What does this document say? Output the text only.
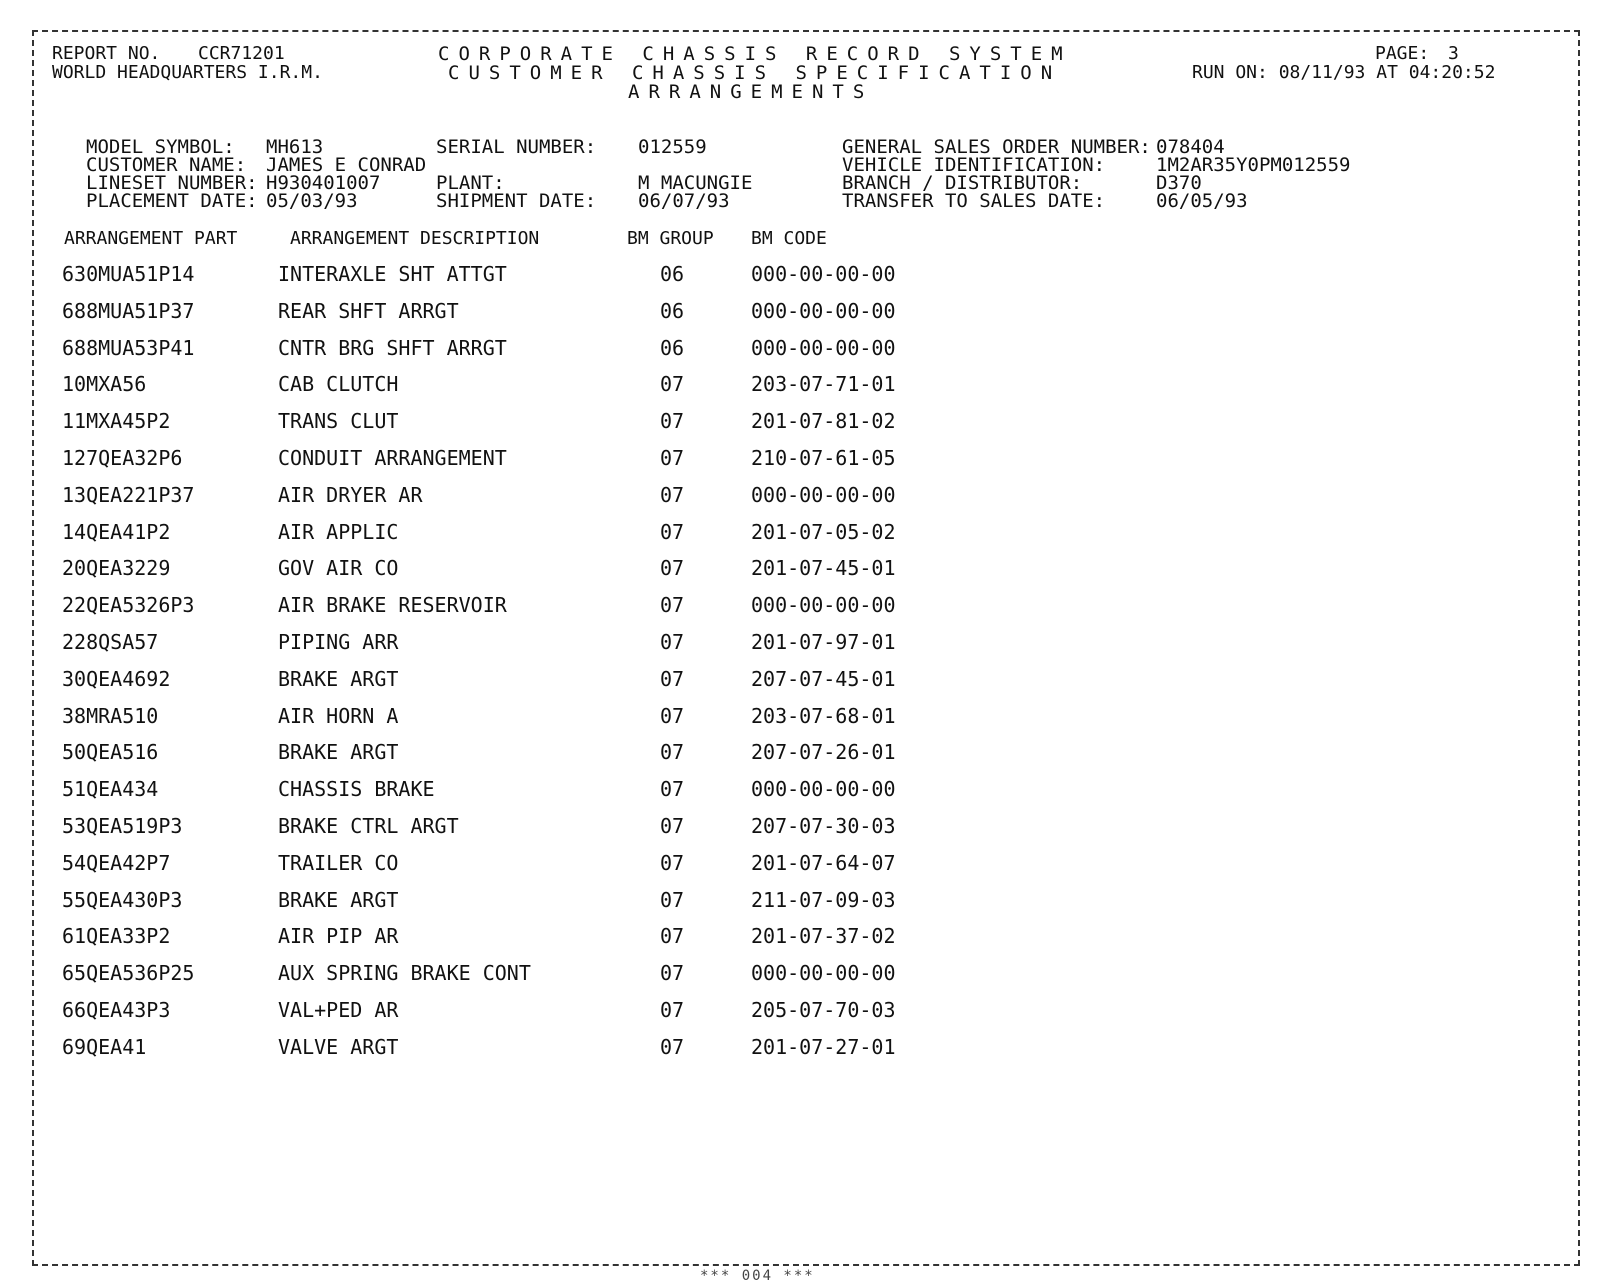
REPORT NO. CCR71201
WORLD HEADQUARTERS I.R.M.
CORPORATE CHASSIS RECORD SYSTEM
CUSTOMER CHASSIS SPECIFICATION
ARRANGEMENTS
PAGE: 3
RUN ON: 08/11/93 AT 04:20:52
MODEL SYMBOL: MH613
CUSTOMER NAME: JAMES E CONRAD
LINESET NUMBER: H930401007
PLACEMENT DATE: 05/03/93
SERIAL NUMBER: 012559
PLANT:	M MACUNGIE
SHIPMENT DATE: 06/07/93
GENERAL SALES ORDER NUMBER: 078404
VEHICLE IDENTIFICATION:	1M2AR35Y0PM012559
BRANCH / DISTRIBUTOR:	D370
TRANSFER TO SALES DATE:	06/05/93
ARRANGEMENT PART	ARRANGEMENT DESCRIPTION	BM GROUP BM CODE
630MUA51P14	INTERAXLE SHT ATTGT	06	000-00-00-00
688MUA51P37	REAR SHFT ARRGT	06	000-00-00-00
688MUA53P41	CNTR BRG SHFT ARRGT	06	000-00-00-00
10MXA56	CAB CLUTCH	07	203-07-71-01
11MXA45P2	TRANS CLUT	07	201-07-81-02
127QEA32P6	CONDUIT ARRANGEMENT	07	210-07-61-05
13QEA221P37	AIR DRYER AR	07	000-00-00-00
14QEA41P2	AIR APPLIC	07	201-07-05-02
20QEA3229	GOV AIR CO	07	201-07-45-01
22QEA5326P3	AIR BRAKE RESERVOIR	07	000-00-00-00
228QSA57	PIPING ARR	07	201-07-97-01
30QEA4692	BRAKE ARGT	07	207-07-45-01
38MRA510	AIR HORN A	07	203-07-68-01
50QEA516	BRAKE ARGT	07	207-07-26-01
51QEA434	CHASSIS BRAKE	07	000-00-00-00
53QEA519P3	BRAKE CTRL ARGT	07	207-07-30-03
54QEA42P7	TRAILER CO	07	201-07-64-07
55QEA430P3	BRAKE ARGT	07	211-07-09-03
61QEA33P2	AIR PIP AR	07	201-07-37-02
65QEA536P25	AUX SPRING BRAKE CONT	07	000-00-00-00
66QEA43P3	VAL+PED AR	07	205-07-70-03
69QEA41	VALVE ARGT	07	201-07-27-01
*** 004 ***
